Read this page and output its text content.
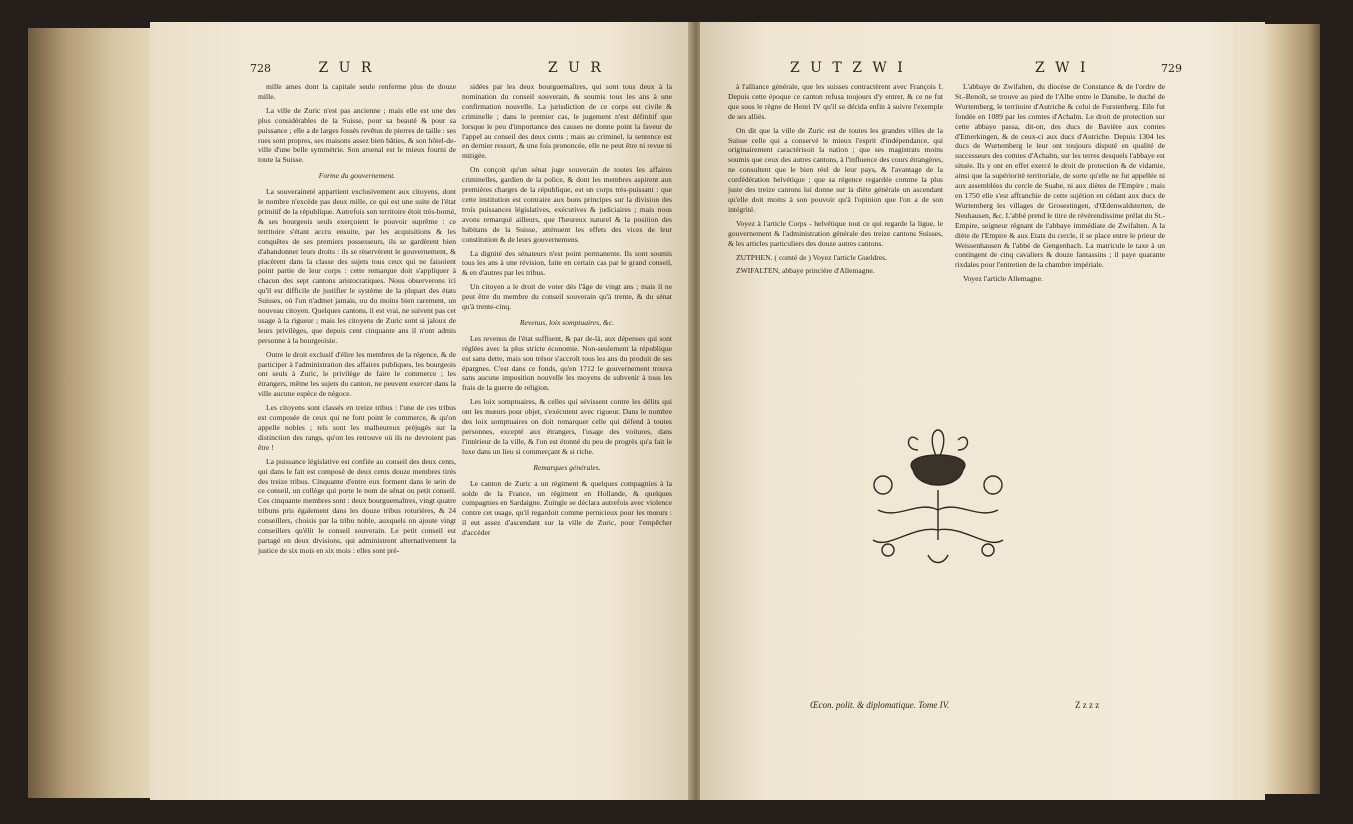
728	Z U R	Z U R	Z U T Z W I	Z W I	729

mille ames dont la capitale seule renferme plus de douze mille.

La ville de Zuric n'est pas ancienne ; mais elle est une des plus considérables de la Suisse, pour sa beauté & pour sa puissance ; elle a de larges fossés revêtus de pierres de taille : ses rues sont propres, ses maisons assez bien bâties, & son hôtel-de-ville d'une belle symmétrie. Son arsenal est le mieux fourni de toute la Suisse.

Forme du gouvernement.

La souveraineté appartient exclusivement aux citoyens, dont le nombre n'excède pas deux mille, ce qui est une suite de l'état primitif de la république. Autrefois son territoire étoit très-borné, & ses bourgeois seuls exerçoient le pouvoir suprême : ce territoire s'étant accru ensuite, par les acquisitions & les conquêtes de ses premiers possesseurs, ils se gardèrent bien d'abandonner leurs droits : ils se réservèrent le gouvernement, & placèrent dans la classe des sujets tous ceux qui ne faisoient point partie de leur corps : cette remarque doit s'appliquer à chacun des sept cantons aristocratiques. Nous observerons ici qu'il est difficile de justifier le système de la plupart des états Suisses, où l'on n'admet jamais, ou du moins bien rarement, un nouveau citoyen. Quelques cantons, il est vrai, ne suivent pas cet usage à la rigueur ; mais les citoyens de Zuric sont si jaloux de leurs privilèges, que depuis cent cinquante ans il n'ont admis personne à la bourgeoisie.

Outre le droit exclusif d'élire les membres de la régence, & de participer à l'administration des affaires publiques, les bourgeois ont seuls à Zuric, le privilège de faire le commerce ; les étrangers, même les sujets du canton, ne peuvent exercer dans la ville aucune espèce de négoce.

Les citoyens sont classés en treize tribus : l'une de ces tribus est composée de ceux qui ne font point le commerce, & qu'on appelle nobles ; tels sont les malheureux préjugés sur la distinction des rangs, qu'on les retrouve où ils ne devroient pas être !

La puissance législative est confiée au conseil des deux cents, qui dans le fait est composé de deux cents douze membres tirés des treize tribus. Cinquante d'entre eux forment dans le sein de ce conseil, un collège qui porte le nom de sénat ou petit conseil. Ces cinquante membres sont : deux bourguemaîtres, vingt quatre tribuns pris également dans les douze tribus roturières, & 24 conseillers, choisis par la tribu noble, auxquels on ajoute vingt conseillers qu'élit le conseil souverain. Le petit conseil est partagé en deux divisions, qui administrent alternativement la justice de six mois en six mois : elles sont pré-

sidées par les deux bourguemaîtres, qui sont tous deux à la nomination du conseil souverain, & soumis tous les ans à une confirmation nouvelle. La jurisdiction de ce corps est civile & criminelle ; dans le premier cas, le jugement n'est définitif que lorsque le peu d'importance des causes ne donne point la faveur de l'appel au conseil des deux cents ; mais au criminel, la sentence est en dernier ressort, & une fois prononcée, elle ne peut être ni revue ni mitigée.

On conçoit qu'un sénat juge souverain de toutes les affaires criminelles, gardien de la police, & dont les membres aspirent aux premières charges de la république, est un corps très-puissant : que cette institution est contraire aux bons principes sur la division des trois puissances législatives, exécutives & judiciaires ; mais nous avons remarqué ailleurs, que l'heureux naturel & la position des habitans de la Suisse, atténuent les effets des vices de leur constitution & de leurs gouvernemens.

La dignité des sénateurs n'est point permanente. Ils sont soumis tous les ans à une révision, faite en certain cas par le grand conseil, & en d'autres par les tribus.

Un citoyen a le droit de voter dès l'âge de vingt ans ; mais il ne peut être du membre du conseil souverain qu'à trente, & du sénat qu'à trente-cinq.

Revenus, loix somptuaires, &c.

Les revenus de l'état suffisent, & par de-là, aux dépenses qui sont réglées avec la plus stricte économie. Non-seulement la république est sans dette, mais son trésor s'accroît tous les ans du produit de ses épargnes. C'est dans ce fonds, qu'en 1712 le gouvernement trouva sans aucune imposition nouvelle les moyens de subvenir à tous les frais de la guerre de religion.

Les loix somptuaires, & celles qui sévissent contre les délits qui ont les mœurs pour objet, s'exécutent avec rigueur. Dans le nombre des loix somptuaires on doit remarquer celle qui défend à toutes personnes, excepté aux étrangers, l'usage des voitures, dans l'intérieur de la ville, & l'on est étonné du peu de progrès qu'a fait le luxe dans un lieu si commerçant & si riche.

Remarques générales.

Le canton de Zuric a un régiment & quelques compagnies à la solde de la France, un régiment en Hollande, & quelques compagnies en Sardaigne. Zuingle se déclara autrefois avec violence contre cet usage, qu'il regardoit comme pernicieux pour les mœurs : il eut assez d'ascendant sur la ville de Zuric, pour l'empêcher d'accéder

à l'alliance générale, que les suisses contractèrent avec François I. Depuis cette époque ce canton refusa toujours d'y entrer, & ce ne fut que sous le règne de Henri IV qu'il se décida enfin à suivre l'exemple de ses alliés.

On dit que la ville de Zuric est de toutes les grandes villes de la Suisse celle qui a conservé le mieux l'esprit d'indépendance, qui originairement caractérisoit la nation ; que ses magistrats moins soumis que ceux des autres cantons, à l'influence des cours étrangères, ne consultent que le bien réel de leur pays, & l'avantage de la confédération helvétique ; que sa régence regardée comme la plus juste des treize cantons lui donne sur la diète générale un ascendant qu'elle doit moins à son pouvoir qu'à l'opinion que l'on a de son intégrité.

Voyez à l'article Corps - helvétique tout ce qui regarde la ligue, le gouvernement & l'administration générale des treize cantons Suisses, & les articles particuliers des douze autres cantons.

ZUTPHEN. ( comté de ) Voyez l'article Gueldres.

ZWIFALTEN, abbaye princière d'Allemagne.

L'abbaye de Zwifalten, du diocèse de Constance & de l'ordre de St.-Benoît, se trouve au pied de l'Albe entre le Danube, le duché de Wurtemberg, le territoire d'Autriche & celui de Furstenberg. Elle fut fondée en 1089 par les comtes d'Achalm. Le droit de protection sur cette abbaye passa, dit-on, des ducs de Bavière aux comtes d'Emerkingen, & de ceux-ci aux ducs d'Autriche. Depuis 1304 les ducs de Wurtemberg le leur ont toujours disputé en qualité de successeurs des comtes d'Achalm, sur les terres desquels l'abbaye est située. Ils y ont en effet exercé le droit de protection & de vidamie, ainsi que la supériorité territoriale, de sorte qu'elle ne fut appellée ni aux assemblées du cercle de Suabe, ni aux diètes de l'Empire ; mais en 1750 elle s'est affranchie de cette sujétion en cédant aux ducs de Wurtemberg les villages de Grosestingen, d'Œdenwaldstetten, de Neuhausen, &c. L'abbé prend le titre de révérendissime prélat du St.-Empire, seigneur régnant de l'abbaye immédiate de Zwifalten. A la diète de l'Empire & aux Etats du cercle, il se place entre le prieur de Weissenhausen & l'abbé de Gengenbach. La matricule le taxe à un contingent de cinq cavaliers & douze fantassins ; il paye quarante rixdales pour l'entretien de la chambre impériale.

Voyez l'article Allemagne.

Œcon. polit. & diplomatique. Tome IV.	Z z z z
